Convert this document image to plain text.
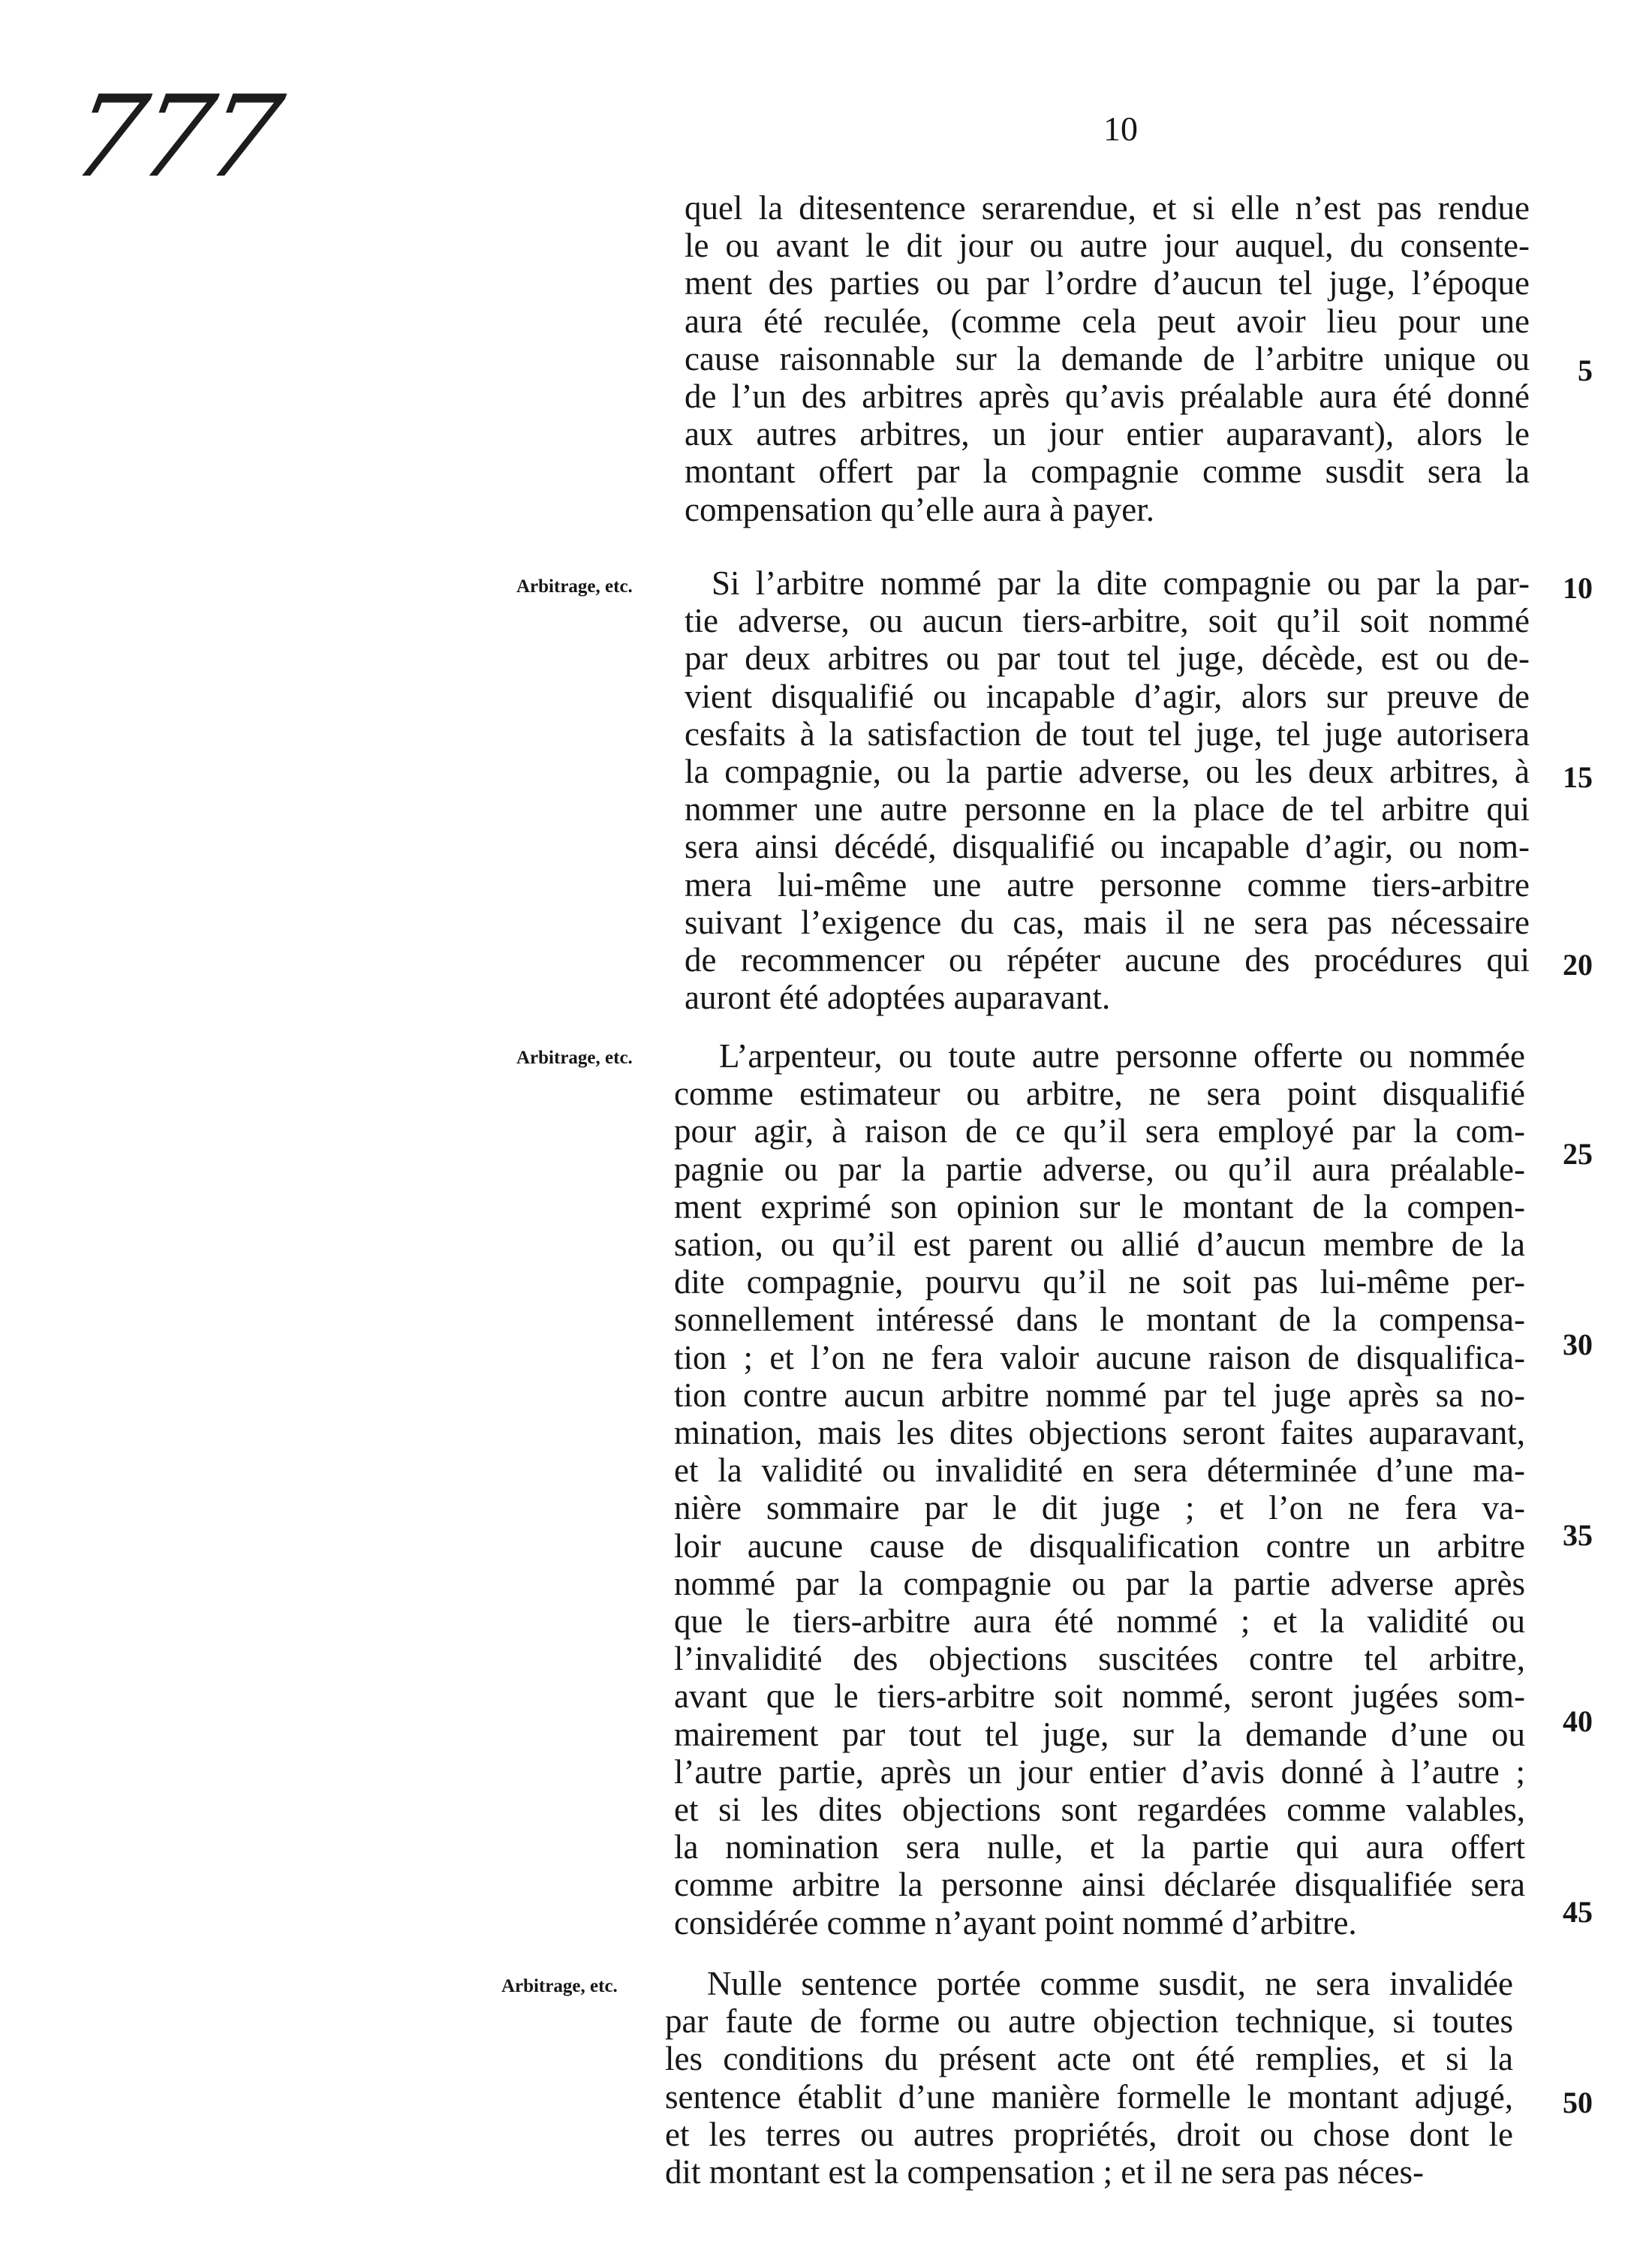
777	10
quel la ditesentence serarendue, et si elle n’est pas rendue
le ou avant le dit jour ou autre jour auquel, du consente-
ment des parties ou par l’ordre d’aucun tel juge, l’époque
aura été reculée, (comme cela peut avoir lieu pour une
cause raisonnable sur la demande de l’arbitre unique ou
de l’un des arbitres après qu’avis préalable aura été donné
aux autres arbitres, un jour entier auparavant), alors le
montant offert par la compagnie comme susdit sera la
compensation qu’elle aura à payer.
Arbitrage, etc. Si l’arbitre nommé par la dite compagnie ou par la par-
tie adverse, ou aucun tiers-arbitre, soit qu’il soit nommé
par deux arbitres ou par tout tel juge, décède, est ou de-
vient disqualifié ou incapable d’agir, alors sur preuve de
cesfaits à la satisfaction de tout tel juge, tel juge autorisera
la compagnie, ou la partie adverse, ou les deux arbitres, à
nommer une autre personne en la place de tel arbitre qui
sera ainsi décédé, disqualifié ou incapable d’agir, ou nom-
mera lui-même une autre personne comme tiers-arbitre
suivant l’exigence du cas, mais il ne sera pas nécessaire
de recommencer ou répéter aucune des procédures qui
auront été adoptées auparavant.
Arbitrage, etc.	L’arpenteur, ou toute autre personne offerte ou nommée
comme estimateur ou arbitre, ne sera point disqualifié
pour agir, à raison de ce qu’il sera employé par la com-
pagnie ou par la partie adverse, ou qu’il aura préalable-
ment exprimé son opinion sur le montant de la compen-
sation, ou qu’il est parent ou allié d’aucun membre de la
dite compagnie, pourvu qu’il ne soit pas lui-même per-
sonnellement intéressé dans le montant de la compensa-
tion ; et l’on ne fera valoir aucune raison de disqualifica-
tion contre aucun arbitre nommé par tel juge après sa no-
mination, mais les dites objections seront faites auparavant,
et la validité ou invalidité en sera déterminée d’une ma-
nière sommaire par le dit juge ; et l’on ne fera va-
loir aucune cause de disqualification contre un arbitre
nommé par la compagnie ou par la partie adverse après
que le tiers-arbitre aura été nommé ; et la validité ou
l’invalidité des objections suscitées contre tel arbitre,
avant que le tiers-arbitre soit nommé, seront jugées som-
mairement par tout tel juge, sur la demande d’une ou
l’autre partie, après un jour entier d’avis donné à l’autre ;
et si les dites objections sont regardées comme valables,
la nomination sera nulle, et la partie qui aura offert
comme arbitre la personne ainsi déclarée disqualifiée sera
considérée comme n’ayant point nommé d’arbitre.
Arbitrage, etc.	Nulle sentence portée comme susdit, ne sera invalidée
par faute de forme ou autre objection technique, si toutes
les conditions du présent acte ont été remplies, et si la
sentence établit d’une manière formelle le montant adjugé,
et les terres ou autres propriétés, droit ou chose dont le
dit montant est la compensation ; et il ne sera pas néces-
5
10
15
20
25
30
35
40
45
50
